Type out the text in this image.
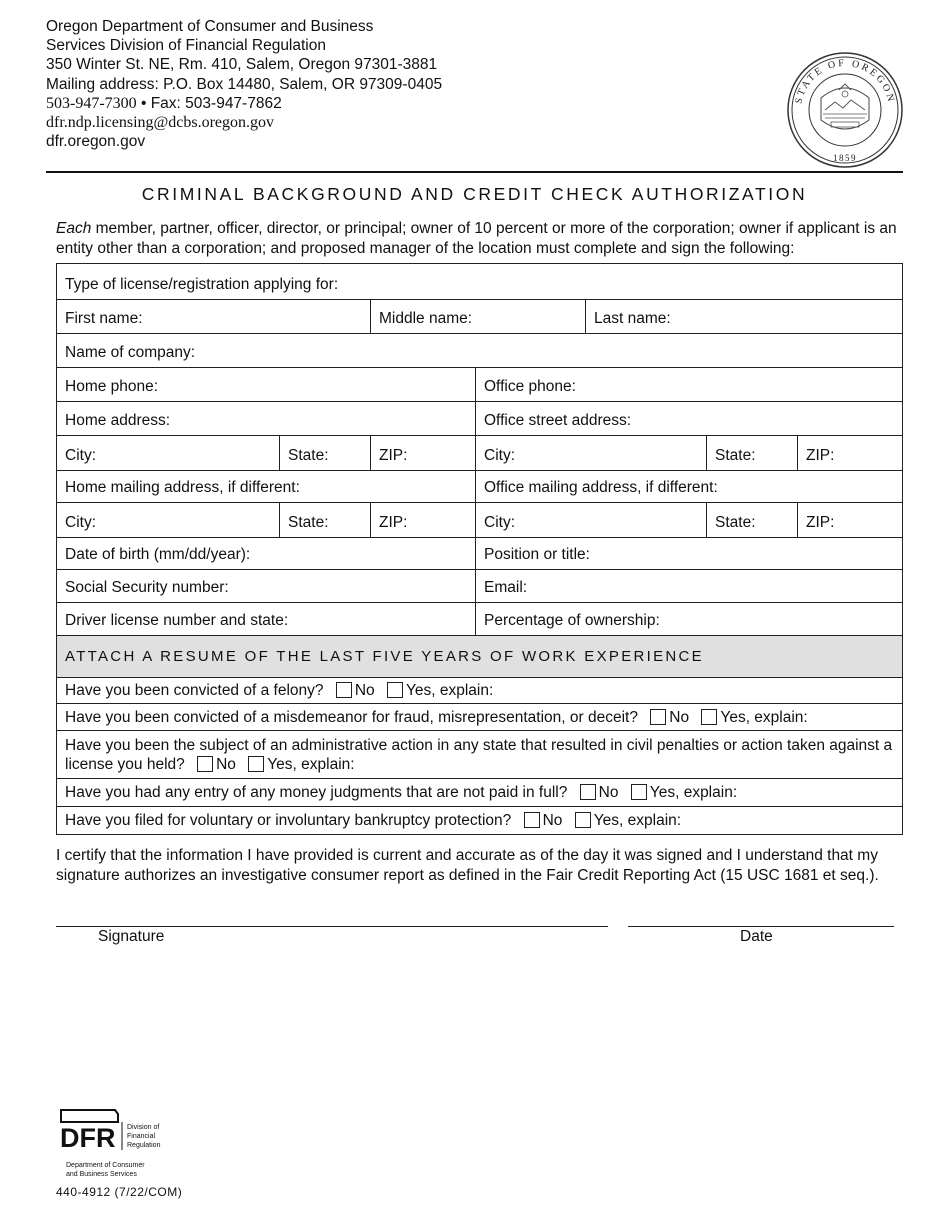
Oregon Department of Consumer and Business
Services Division of Financial Regulation
350 Winter St. NE, Rm. 410, Salem, Oregon 97301-3881
Mailing address: P.O. Box 14480, Salem, OR 97309-0405
503-947-7300 • Fax: 503-947-7862
dfr.ndp.licensing@dcbs.oregon.gov
dfr.oregon.gov
STATE OF OREGON
1859
CRIMINAL BACKGROUND AND CREDIT CHECK AUTHORIZATION
Each member, partner, officer, director, or principal; owner of 10 percent or more of the corporation; owner if applicant is an entity other than a corporation; and proposed manager of the location must complete and sign the following:
Type of license/registration applying for:						
First name:		Middle name:		Last name:		
Name of company:						
Home phone:			Office phone:			
Home address:			Office street address:			
City:	State:	ZIP:	City:		State:	ZIP:
Home mailing address, if different:			Office mailing address, if different:			
City:	State:	ZIP:	City:		State:	ZIP:
Date of birth (mm/dd/year):			Position or title:			
Social Security number:			Email:			
Driver license number and state:			Percentage of ownership:			
ATTACH A RESUME OF THE LAST FIVE YEARS OF WORK EXPERIENCE						
Have you been convicted of a felony? No Yes, explain:						
Have you been convicted of a misdemeanor for fraud, misrepresentation, or deceit? No Yes, explain:						
Have you been the subject of an administrative action in any state that resulted in civil penalties or action taken against a license you held? No Yes, explain:						
Have you had any entry of any money judgments that are not paid in full? No Yes, explain:						
Have you filed for voluntary or involuntary bankruptcy protection? No Yes, explain:						
I certify that the information I have provided is current and accurate as of the day it was signed and I understand that my signature authorizes an investigative consumer report as defined in the Fair Credit Reporting Act (15 USC 1681 et seq.).
Signature	Date
DFR Division of
Financial
Regulation
Department of Consumer
and Business Services
440-4912 (7/22/COM)
